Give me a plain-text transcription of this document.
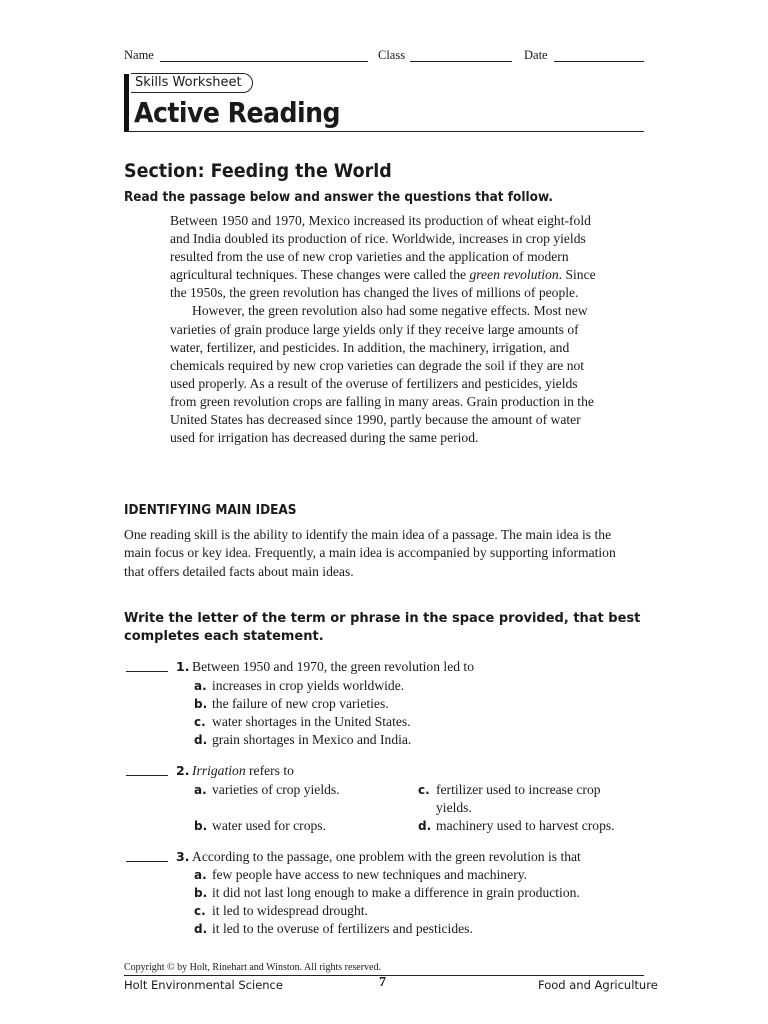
Name	Class	Date
Skills Worksheet
Active Reading
Section: Feeding the World
Read the passage below and answer the questions that follow.

Between 1950 and 1970, Mexico increased its production of wheat eight-fold and India doubled its production of rice. Worldwide, increases in crop yields resulted from the use of new crop varieties and the application of modern agricultural techniques. These changes were called the green revolution. Since the 1950s, the green revolution has changed the lives of millions of people.

However, the green revolution also had some negative effects. Most new varieties of grain produce large yields only if they receive large amounts of water, fertilizer, and pesticides. In addition, the machinery, irrigation, and chemicals required by new crop varieties can degrade the soil if they are not used properly. As a result of the overuse of fertilizers and pesticides, yields from green revolution crops are falling in many areas. Grain production in the United States has decreased since 1990, partly because the amount of water used for irrigation has decreased during the same period.

IDENTIFYING MAIN IDEAS
One reading skill is the ability to identify the main idea of a passage. The main idea is the main focus or key idea. Frequently, a main idea is accompanied by supporting information that offers detailed facts about main ideas.
Write the letter of the term or phrase in the space provided, that best completes each statement.
1. Between 1950 and 1970, the green revolution led to
a. increases in crop yields worldwide.
b. the failure of new crop varieties.
c. water shortages in the United States.
d. grain shortages in Mexico and India.
2. Irrigation refers to
a. varieties of crop yields.
b. water used for crops.
c. fertilizer used to increase crop
yields.
d. machinery used to harvest crops.
3. According to the passage, one problem with the green revolution is that
a. few people have access to new techniques and machinery.
b. it did not last long enough to make a difference in grain production.
c. it led to widespread drought.
d. it led to the overuse of fertilizers and pesticides.
Copyright © by Holt, Rinehart and Winston. All rights reserved.
Holt Environmental Science	7	Food and Agriculture
